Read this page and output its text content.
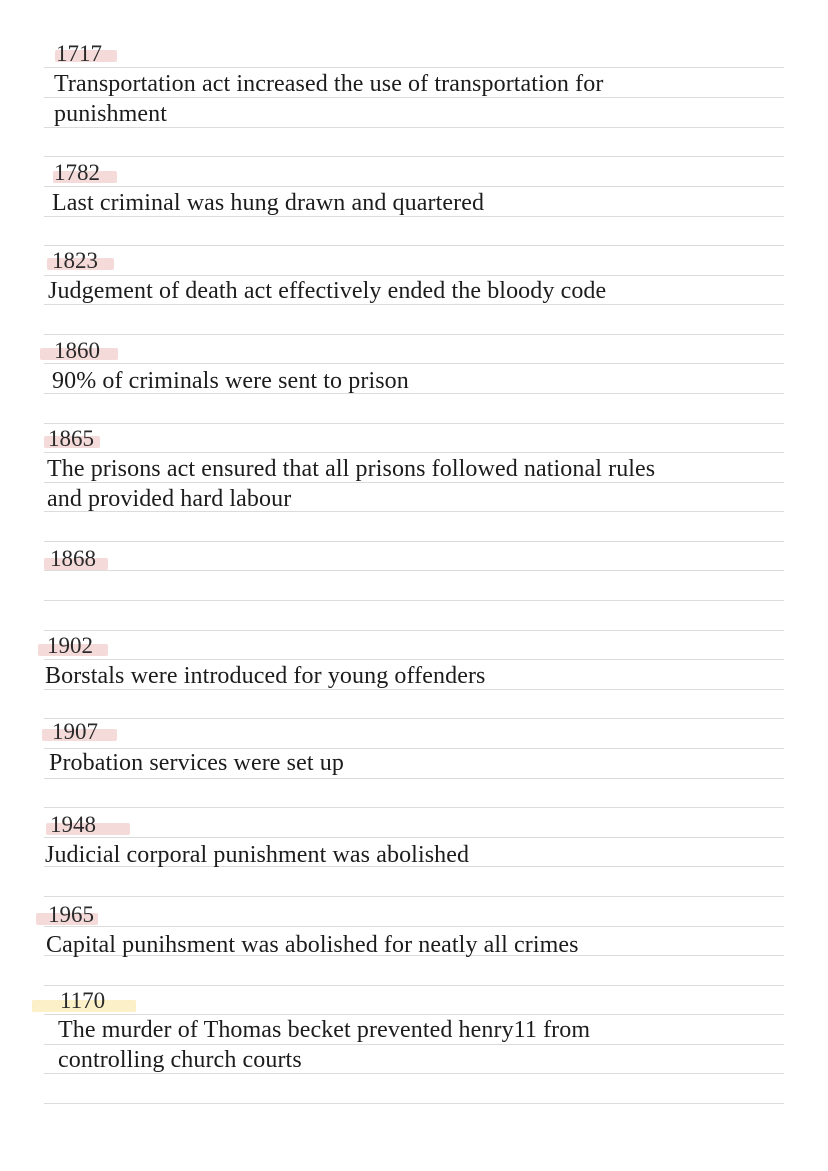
1717
Transportation act increased the use of transportation for
punishment
1782
Last criminal was hung drawn and quartered
1823
Judgement of death act effectively ended the bloody code
1860
90% of criminals were sent to prison
1865
The prisons act ensured that all prisons followed national rules
and provided hard labour
1868
1902
Borstals were introduced for young offenders
1907
Probation services were set up
1948
Judicial corporal punishment was abolished
1965
Capital punihsment was abolished for neatly all crimes
1170
The murder of Thomas becket prevented henry11 from
controlling church courts
